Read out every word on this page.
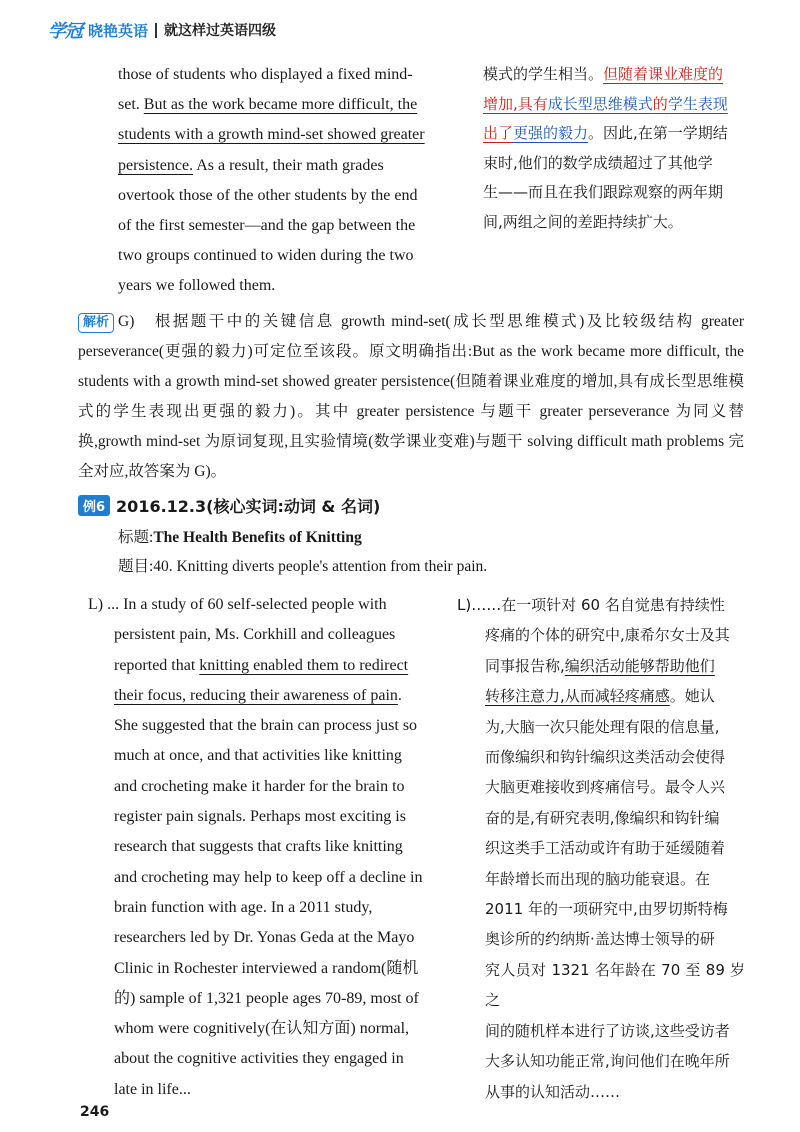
学冠 晓艳英语 就这样过英语四级
those of students who displayed a fixed mind-
set. But as the work became more difficult, the
students with a growth mind-set showed greater
persistence. As a result, their math grades
overtook those of the other students by the end
of the first semester—and the gap between the
two groups continued to widen during the two
years we followed them.
模式的学生相当。但随着课业难度的
增加,具有成长型思维模式的学生表现
出了更强的毅力。因此,在第一学期结
束时,他们的数学成绩超过了其他学
生——而且在我们跟踪观察的两年期
间,两组之间的差距持续扩大。
解析 G)　根据题干中的关键信息 growth mind-set(成长型思维模式)及比较级结构 greater perseverance(更强的毅力)可定位至该段。原文明确指出:But as the work became more difficult, the students with a growth mind-set showed greater persistence(但随着课业难度的增加,具有成长型思维模式的学生表现出更强的毅力)。其中 greater persistence 与题干 greater perseverance 为同义替换,growth mind-set 为原词复现,且实验情境(数学课业变难)与题干 solving difficult math problems 完全对应,故答案为 G)。
例6 2016.12.3(核心实词:动词 & 名词)
标题:The Health Benefits of Knitting
题目:40. Knitting diverts people's attention from their pain.
L) ... In a study of 60 self-selected people with
persistent pain, Ms. Corkhill and colleagues
reported that knitting enabled them to redirect
their focus, reducing their awareness of pain.
She suggested that the brain can process just so
much at once, and that activities like knitting
and crocheting make it harder for the brain to
register pain signals. Perhaps most exciting is
research that suggests that crafts like knitting
and crocheting may help to keep off a decline in
brain function with age. In a 2011 study,
researchers led by Dr. Yonas Geda at the Mayo
Clinic in Rochester interviewed a random(随机
的) sample of 1,321 people ages 70-89, most of
whom were cognitively(在认知方面) normal,
about the cognitive activities they engaged in
late in life...
L)……在一项针对 60 名自觉患有持续性
疼痛的个体的研究中,康希尔女士及其
同事报告称,编织活动能够帮助他们
转移注意力,从而减轻疼痛感。她认
为,大脑一次只能处理有限的信息量,
而像编织和钩针编织这类活动会使得
大脑更难接收到疼痛信号。最令人兴
奋的是,有研究表明,像编织和钩针编
织这类手工活动或许有助于延缓随着
年龄增长而出现的脑功能衰退。在
2011 年的一项研究中,由罗切斯特梅
奥诊所的约纳斯·盖达博士领导的研
究人员对 1321 名年龄在 70 至 89 岁之
间的随机样本进行了访谈,这些受访者
大多认知功能正常,询问他们在晚年所
从事的认知活动……
246
